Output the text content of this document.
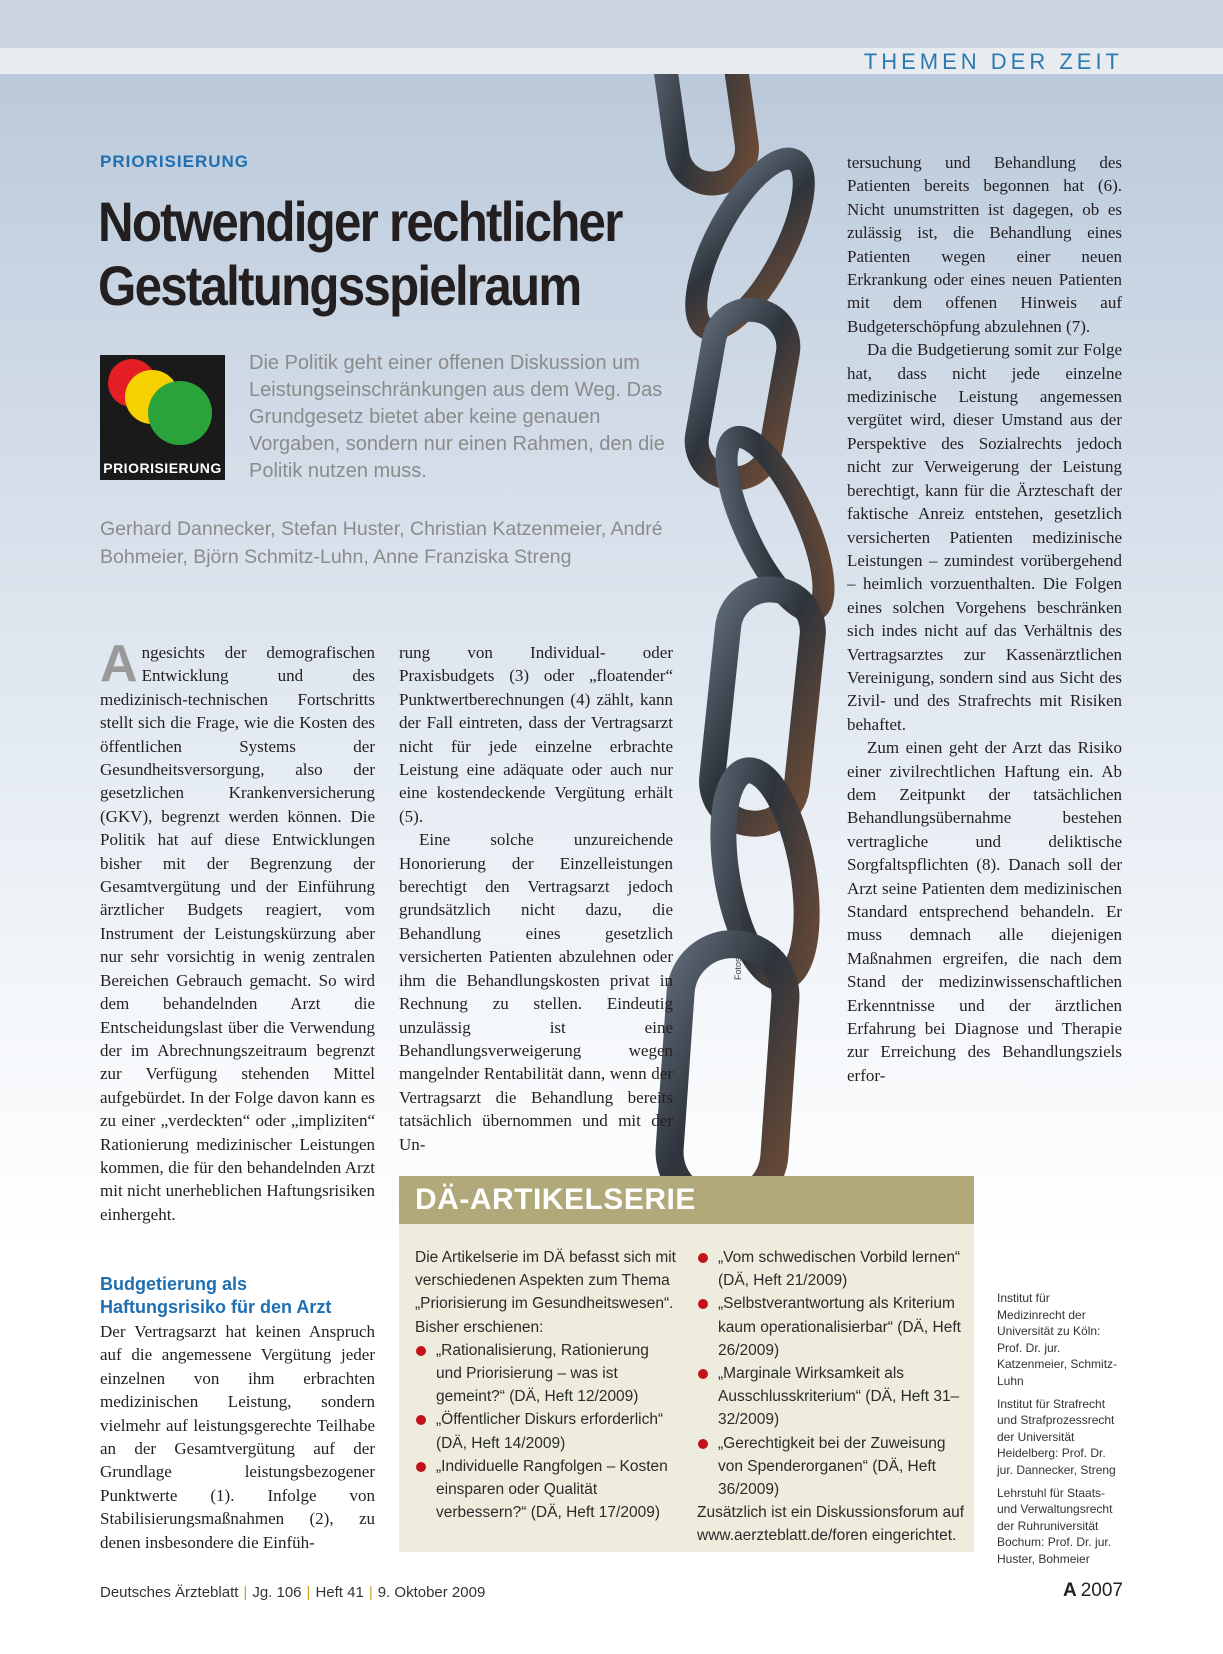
THEMEN DER ZEIT
Fotos: mauritius images
PRIORISIERUNG
Notwendiger rechtlicher Gestaltungsspielraum
PRIORISIERUNG

Die Politik geht einer offenen Diskussion um Leistungseinschränkungen aus dem Weg. Das Grundgesetz bietet aber keine genauen Vorgaben, sondern nur einen Rahmen, den die Politik nutzen muss.

Gerhard Dannecker, Stefan Huster, Christian Katzenmeier, André Bohmeier, Björn Schmitz-Luhn, Anne Franziska Streng

Angesichts der demografischen Entwicklung und des medizinisch-technischen Fortschritts stellt sich die Frage, wie die Kosten des öffentlichen Systems der Gesundheitsversorgung, also der gesetzlichen Krankenversicherung (GKV), begrenzt werden können. Die Politik hat auf diese Entwicklungen bisher mit der Begrenzung der Gesamtvergütung und der Einführung ärztlicher Budgets reagiert, vom Instrument der Leistungskürzung aber nur sehr vorsichtig in wenig zentralen Bereichen Gebrauch gemacht. So wird dem behandelnden Arzt die Entscheidungslast über die Verwendung der im Abrechnungszeitraum begrenzt zur Verfügung stehenden Mittel aufgebürdet. In der Folge davon kann es zu einer „verdeckten“ oder „impliziten“ Rationierung medizinischer Leistungen kommen, die für den behandelnden Arzt mit nicht unerheblichen Haftungsrisiken einhergeht.

Budgetierung als Haftungsrisiko für den Arzt

Der Vertragsarzt hat keinen Anspruch auf die angemessene Vergütung jeder einzelnen von ihm erbrachten medizinischen Leistung, sondern vielmehr auf leistungsgerechte Teilhabe an der Gesamtvergütung auf der Grundlage leistungsbezogener Punktwerte (1). Infolge von Stabilisierungsmaßnahmen (2), zu denen insbesondere die Einfüh-

rung von Individual- oder Praxisbudgets (3) oder „floatender“ Punktwertberechnungen (4) zählt, kann der Fall eintreten, dass der Vertragsarzt nicht für jede einzelne erbrachte Leistung eine adäquate oder auch nur eine kostendeckende Vergütung erhält (5).

Eine solche unzureichende Honorierung der Einzelleistungen berechtigt den Vertragsarzt jedoch grundsätzlich nicht dazu, die Behandlung eines gesetzlich versicherten Patienten abzulehnen oder ihm die Behandlungskosten privat in Rechnung zu stellen. Eindeutig unzulässig ist eine Behandlungsverweigerung wegen mangelnder Rentabilität dann, wenn der Vertragsarzt die Behandlung bereits tatsächlich übernommen und mit der Un-

tersuchung und Behandlung des Patienten bereits begonnen hat (6). Nicht unumstritten ist dagegen, ob es zulässig ist, die Behandlung eines Patienten wegen einer neuen Erkrankung oder eines neuen Patienten mit dem offenen Hinweis auf Budgeterschöpfung abzulehnen (7).

Da die Budgetierung somit zur Folge hat, dass nicht jede einzelne medizinische Leistung angemessen vergütet wird, dieser Umstand aus der Perspektive des Sozialrechts jedoch nicht zur Verweigerung der Leistung berechtigt, kann für die Ärzteschaft der faktische Anreiz entstehen, gesetzlich versicherten Patienten medizinische Leistungen – zumindest vorübergehend – heimlich vorzuenthalten. Die Folgen eines solchen Vorgehens beschränken sich indes nicht auf das Verhältnis des Vertragsarztes zur Kassenärztlichen Vereinigung, sondern sind aus Sicht des Zivil- und des Strafrechts mit Risiken behaftet.

Zum einen geht der Arzt das Risiko einer zivilrechtlichen Haftung ein. Ab dem Zeitpunkt der tatsächlichen Behandlungsübernahme bestehen vertragliche und deliktische Sorgfaltspflichten (8). Danach soll der Arzt seine Patienten dem medizinischen Standard entsprechend behandeln. Er muss demnach alle diejenigen Maßnahmen ergreifen, die nach dem Stand der medizinwissenschaftlichen Erkenntnisse und der ärztlichen Erfahrung bei Diagnose und Therapie zur Erreichung des Behandlungsziels erfor-

DÄ-ARTIKELSERIE

Die Artikelserie im DÄ befasst sich mit verschiedenen Aspekten zum Thema „Priorisierung im Gesundheitswesen“. Bisher erschienen:

„Rationalisierung, Rationierung und Priorisierung – was ist gemeint?“ (DÄ, Heft 12/2009)
„Öffentlicher Diskurs erforderlich“ (DÄ, Heft 14/2009)
„Individuelle Rangfolgen – Kosten einsparen oder Qualität verbessern?“ (DÄ, Heft 17/2009)
„Vom schwedischen Vorbild lernen“ (DÄ, Heft 21/2009)
„Selbstverantwortung als Kriterium kaum operationalisierbar“ (DÄ, Heft 26/2009)
„Marginale Wirksamkeit als Ausschlusskriterium“ (DÄ, Heft 31–32/2009)
„Gerechtigkeit bei der Zuweisung von Spenderorganen“ (DÄ, Heft 36/2009)

Zusätzlich ist ein Diskussionsforum auf www.aerzteblatt.de/foren eingerichtet.

Institut für Medizinrecht der Universität zu Köln: Prof. Dr. jur. Katzenmeier, Schmitz-Luhn

Institut für Strafrecht und Strafprozessrecht der Universität Heidelberg: Prof. Dr. jur. Dannecker, Streng

Lehrstuhl für Staats- und Verwaltungsrecht der Ruhruniversität Bochum: Prof. Dr. jur. Huster, Bohmeier

Deutsches Ärzteblatt | Jg. 106 | Heft 41 | 9. Oktober 2009	A 2007
